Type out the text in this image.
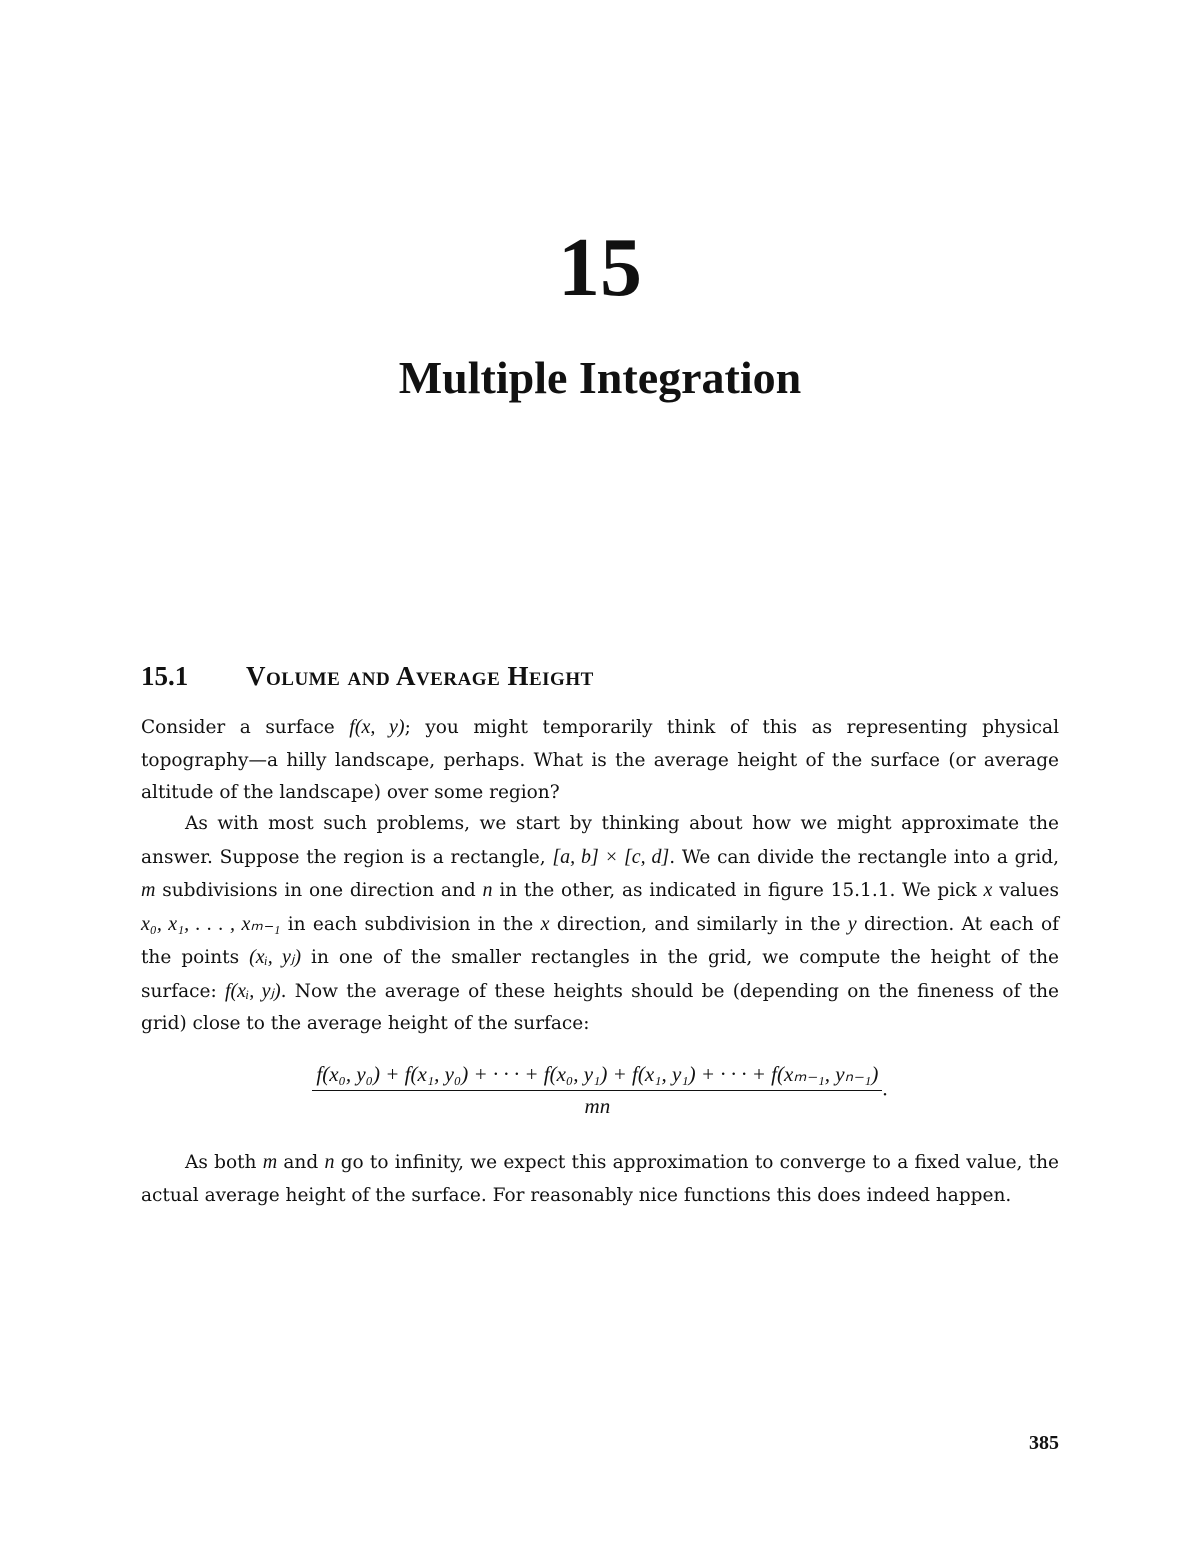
15
Multiple Integration
15.1 Volume and Average Height

Consider a surface f(x, y); you might temporarily think of this as representing physical topography—a hilly landscape, perhaps. What is the average height of the surface (or average altitude of the landscape) over some region?

As with most such problems, we start by thinking about how we might approximate the answer. Suppose the region is a rectangle, [a, b] × [c, d]. We can divide the rectangle into a grid, m subdivisions in one direction and n in the other, as indicated in figure 15.1.1. We pick x values x₀, x₁, . . . , xₘ₋₁ in each subdivision in the x direction, and similarly in the y direction. At each of the points (xᵢ, yⱼ) in one of the smaller rectangles in the grid, we compute the height of the surface: f(xᵢ, yⱼ). Now the average of these heights should be (depending on the fineness of the grid) close to the average height of the surface:

f(x₀, y₀) + f(x₁, y₀) + · · · + f(x₀, y₁) + f(x₁, y₁) + · · · + f(xₘ₋₁, yₙ₋₁)
mn
.

As both m and n go to infinity, we expect this approximation to converge to a fixed value, the actual average height of the surface. For reasonably nice functions this does indeed happen.

385
